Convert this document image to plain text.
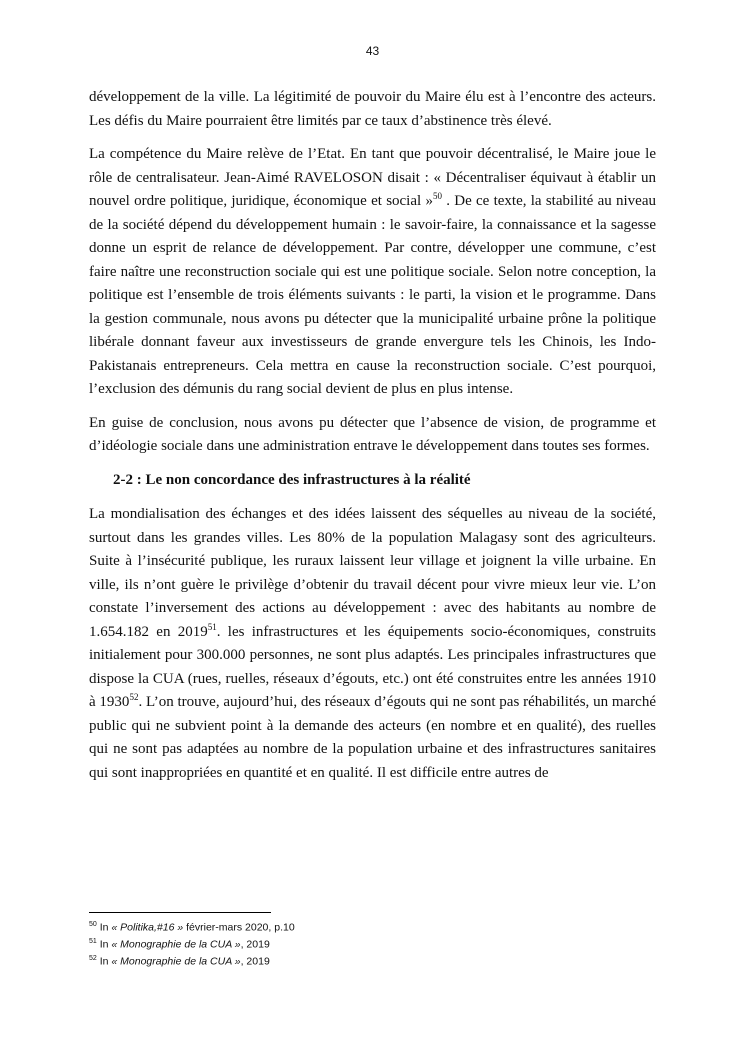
43

développement de la ville. La légitimité de pouvoir du Maire élu est à l’encontre des acteurs. Les défis du Maire pourraient être limités par ce taux d’abstinence très élevé.

La compétence du Maire relève de l’Etat. En tant que pouvoir décentralisé, le Maire joue le rôle de centralisateur. Jean-Aimé RAVELOSON disait : « Décentraliser équivaut à établir un nouvel ordre politique, juridique, économique et social »$^{50}$ . De ce texte, la stabilité au niveau de la société dépend du développement humain : le savoir-faire, la connaissance et la sagesse donne un esprit de relance de développement. Par contre, développer une commune, c’est faire naître une reconstruction sociale qui est une politique sociale. Selon notre conception, la politique est l’ensemble de trois éléments suivants : le parti, la vision et le programme. Dans la gestion communale, nous avons pu détecter que la municipalité urbaine prône la politique libérale donnant faveur aux investisseurs de grande envergure tels les Chinois, les Indo-Pakistanais entrepreneurs. Cela mettra en cause la reconstruction sociale. C’est pourquoi, l’exclusion des démunis du rang social devient de plus en plus intense.

En guise de conclusion, nous avons pu détecter que l’absence de vision, de programme et d’idéologie sociale dans une administration entrave le développement dans toutes ses formes.

2-2 : Le non concordance des infrastructures à la réalité

La mondialisation des échanges et des idées laissent des séquelles au niveau de la société, surtout dans les grandes villes. Les 80% de la population Malagasy sont des agriculteurs. Suite à l’insécurité publique, les ruraux laissent leur village et joignent la ville urbaine. En ville, ils n’ont guère le privilège d’obtenir du travail décent pour vivre mieux leur vie. L’on constate l’inversement des actions au développement : avec des habitants au nombre de 1.654.182 en 2019$^{51}$. les infrastructures et les équipements socio-économiques, construits initialement pour 300.000 personnes, ne sont plus adaptés. Les principales infrastructures que dispose la CUA (rues, ruelles, réseaux d’égouts, etc.) ont été construites entre les années 1910 à 1930$^{52}$. L’on trouve, aujourd’hui, des réseaux d’égouts qui ne sont pas réhabilités, un marché public qui ne subvient point à la demande des acteurs (en nombre et en qualité), des ruelles qui ne sont pas adaptées au nombre de la population urbaine et des infrastructures sanitaires qui sont inappropriées en quantité et en qualité. Il est difficile entre autres de

$^{50}$ In « Politika,#16 » février-mars 2020, p.10
$^{51}$ In « Monographie de la CUA », 2019
$^{52}$ In « Monographie de la CUA », 2019
